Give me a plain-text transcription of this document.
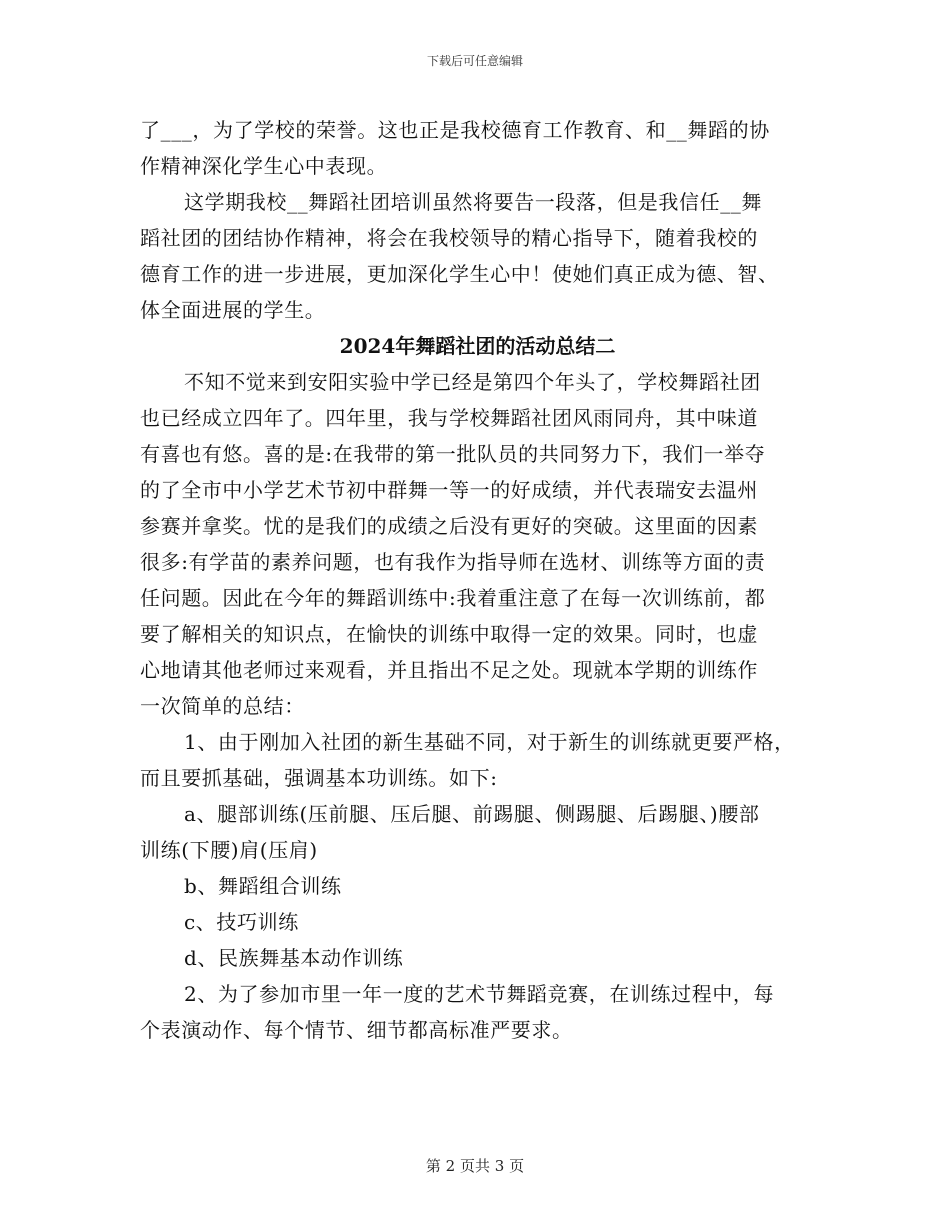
下载后可任意编辑
了___，为了学校的荣誉。这也正是我校德育工作教育、和__舞蹈的协
作精神深化学生心中表现。
这学期我校__舞蹈社团培训虽然将要告一段落，但是我信任__舞
蹈社团的团结协作精神，将会在我校领导的精心指导下，随着我校的
德育工作的进一步进展，更加深化学生心中！使她们真正成为德、智、
体全面进展的学生。
2024年舞蹈社团的活动总结二
不知不觉来到安阳实验中学已经是第四个年头了，学校舞蹈社团
也已经成立四年了。四年里，我与学校舞蹈社团风雨同舟，其中味道
有喜也有悠。喜的是:在我带的第一批队员的共同努力下，我们一举夺
的了全市中小学艺术节初中群舞一等一的好成绩，并代表瑞安去温州
参赛并拿奖。忧的是我们的成绩之后没有更好的突破。这里面的因素
很多:有学苗的素养问题，也有我作为指导师在选材、训练等方面的责
任问题。因此在今年的舞蹈训练中:我着重注意了在每一次训练前，都
要了解相关的知识点，在愉快的训练中取得一定的效果。同时，也虚
心地请其他老师过来观看，并且指出不足之处。现就本学期的训练作
一次简单的总结：
1、由于刚加入社团的新生基础不同，对于新生的训练就更要严格，
而且要抓基础，强调基本功训练。如下:
a、腿部训练(压前腿、压后腿、前踢腿、侧踢腿、后踢腿、)腰部
训练(下腰)肩(压肩)
b、舞蹈组合训练
c、技巧训练
d、民族舞基本动作训练
2、为了参加市里一年一度的艺术节舞蹈竞赛，在训练过程中，每
个表演动作、每个情节、细节都高标准严要求。
第 2 页共 3 页
